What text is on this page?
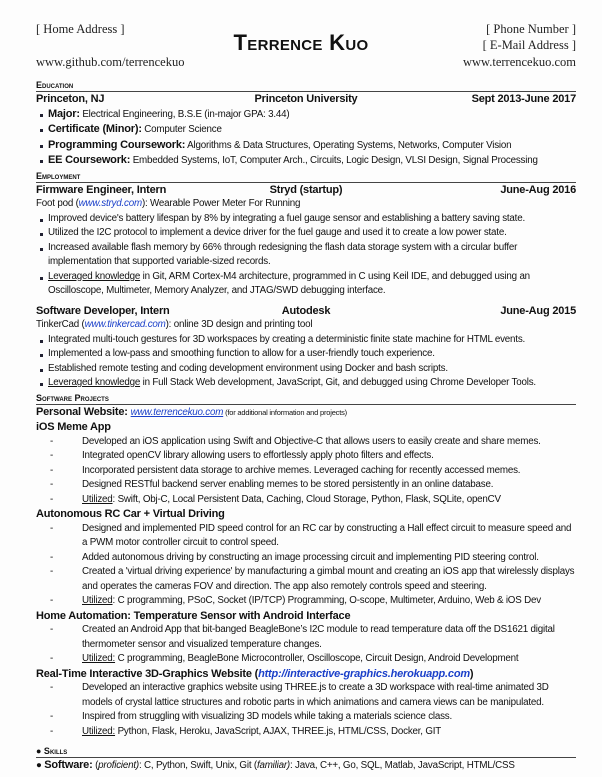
[ Home Address ]
www.github.com/terrencekuo
Terrence Kuo
[ Phone Number ]
[ E-Mail Address ]
www.terrencekuo.com
Education
Princeton, NJ	Princeton University	Sept 2013-June 2017
Major: Electrical Engineering, B.S.E (in-major GPA: 3.44)
Certificate (Minor): Computer Science
Programming Coursework: Algorithms & Data Structures, Operating Systems, Networks, Computer Vision
EE Coursework: Embedded Systems, IoT, Computer Arch., Circuits, Logic Design, VLSI Design, Signal Processing
Employment
Firmware Engineer, Intern	Stryd (startup)	June-Aug 2016
Foot pod (www.stryd.com): Wearable Power Meter For Running
Improved device's battery lifespan by 8% by integrating a fuel gauge sensor and establishing a battery saving state.
Utilized the I2C protocol to implement a device driver for the fuel gauge and used it to create a low power state.
Increased available flash memory by 66% through redesigning the flash data storage system with a circular buffer implementation that supported variable-sized records.
Leveraged knowledge in Git, ARM Cortex-M4 architecture, programmed in C using Keil IDE, and debugged using an Oscilloscope, Multimeter, Memory Analyzer, and JTAG/SWD debugging interface.
Software Developer, Intern	Autodesk	June-Aug 2015
TinkerCad (www.tinkercad.com): online 3D design and printing tool
Integrated multi-touch gestures for 3D workspaces by creating a deterministic finite state machine for HTML events.
Implemented a low-pass and smoothing function to allow for a user-friendly touch experience.
Established remote testing and coding development environment using Docker and bash scripts.
Leveraged knowledge in Full Stack Web development, JavaScript, Git, and debugged using Chrome Developer Tools.
Software Projects
Personal Website: www.terrencekuo.com (for additional information and projects)
iOS Meme App
- Developed an iOS application using Swift and Objective-C that allows users to easily create and share memes.
- Integrated openCV library allowing users to effortlessly apply photo filters and effects.
- Incorporated persistent data storage to archive memes. Leveraged caching for recently accessed memes.
- Designed RESTful backend server enabling memes to be stored persistently in an online database.
- Utilized: Swift, Obj-C, Local Persistent Data, Caching, Cloud Storage, Python, Flask, SQLite, openCV
Autonomous RC Car + Virtual Driving
- Designed and implemented PID speed control for an RC car by constructing a Hall effect circuit to measure speed and a PWM motor controller circuit to control speed.
- Added autonomous driving by constructing an image processing circuit and implementing PID steering control.
- Created a 'virtual driving experience' by manufacturing a gimbal mount and creating an iOS app that wirelessly displays and operates the cameras FOV and direction. The app also remotely controls speed and steering.
- Utilized: C programming, PSoC, Socket (IP/TCP) Programming, O-scope, Multimeter, Arduino, Web & iOS Dev
Home Automation: Temperature Sensor with Android Interface
- Created an Android App that bit-banged BeagleBone’s I2C module to read temperature data off the DS1621 digital thermometer sensor and visualized temperature changes.
- Utilized: C programming, BeagleBone Microcontroller, Oscilloscope, Circuit Design, Android Development
Real-Time Interactive 3D-Graphics Website (http://interactive-graphics.herokuapp.com)
- Developed an interactive graphics website using THREE.js to create a 3D workspace with real-time animated 3D models of crystal lattice structures and robotic parts in which animations and camera views can be manipulated.
- Inspired from struggling with visualizing 3D models while taking a materials science class.
- Utilized: Python, Flask, Heroku, JavaScript, AJAX, THREE.js, HTML/CSS, Docker, GIT
● Skills
● Software: (proficient): C, Python, Swift, Unix, Git (familiar): Java, C++, Go, SQL, Matlab, JavaScript, HTML/CSS
